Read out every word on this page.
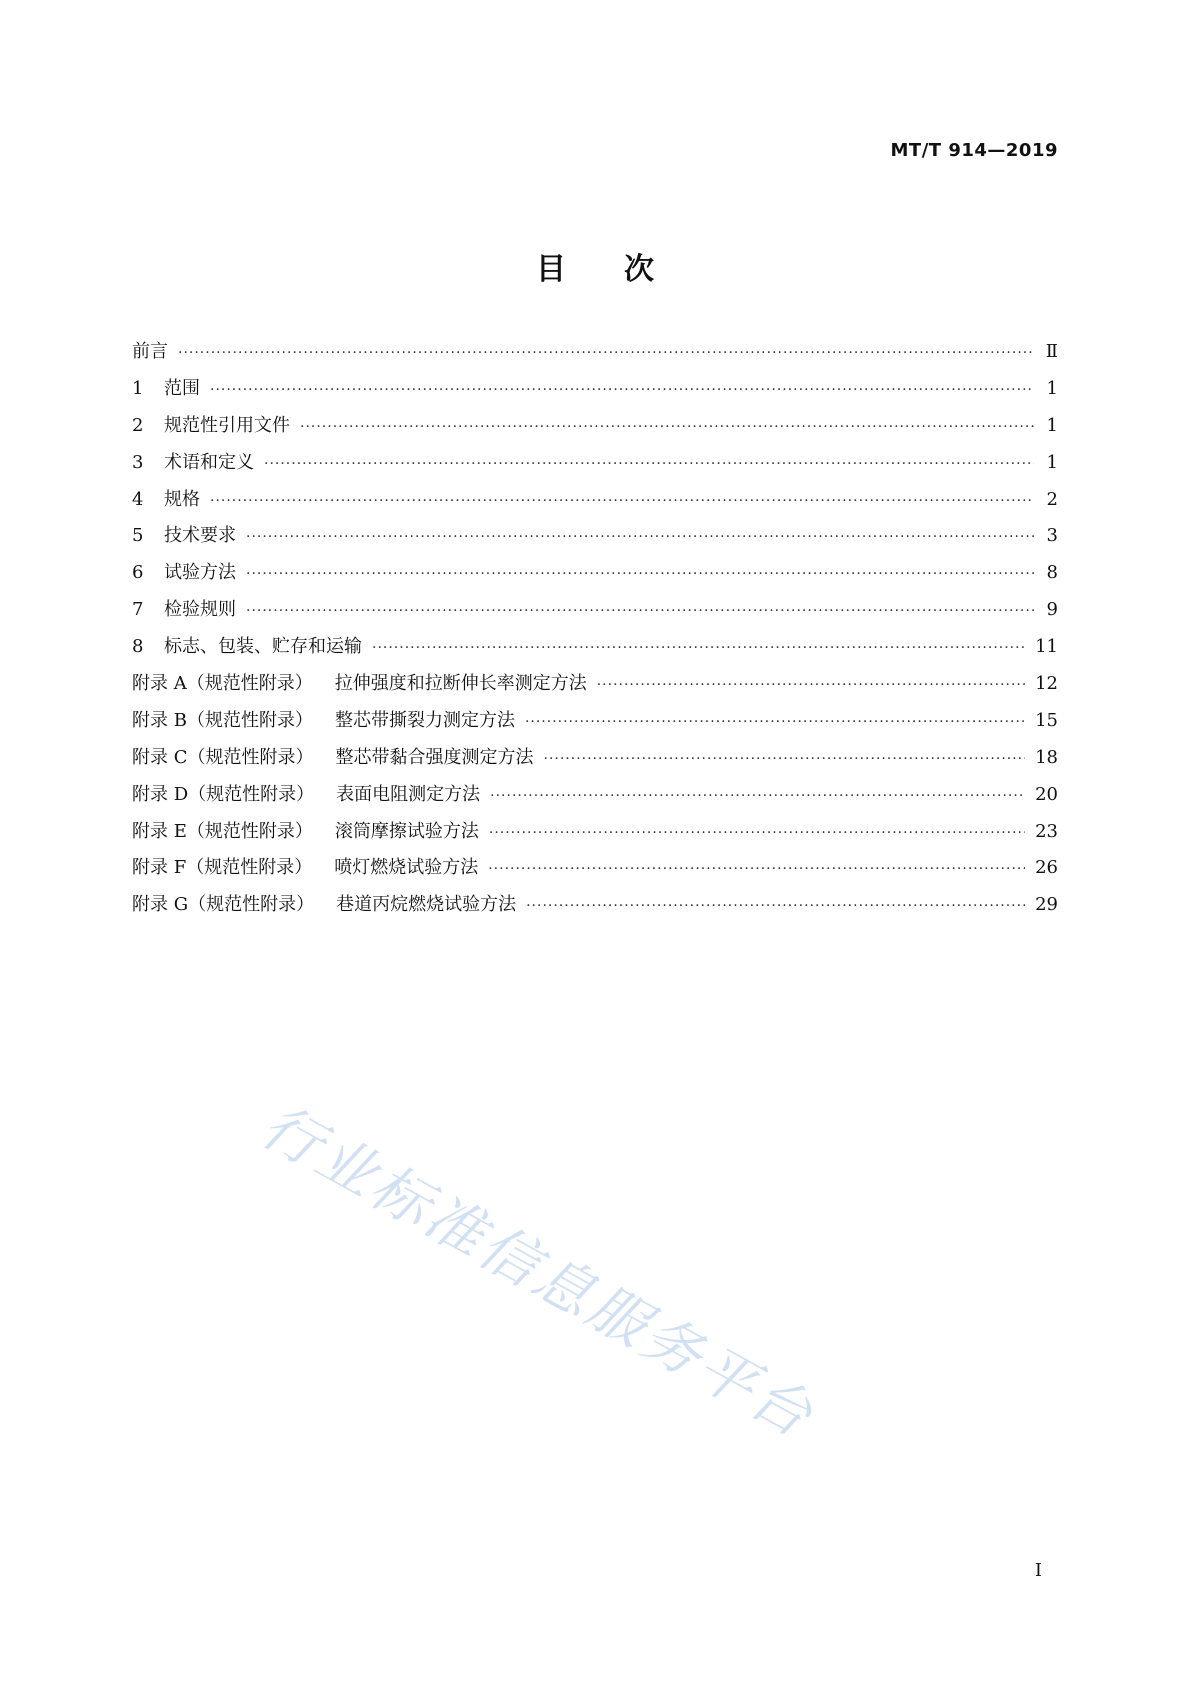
MT/T 914—2019
目次
前言 ·····	Ⅱ
1	范围 ·····	1
2	规范性引用文件 ·····	1
3	术语和定义 ·····	1
4	规格 ·····	2
5	技术要求 ·····	3
6	试验方法 ·····	8
7	检验规则 ·····	9
8	标志、包装、贮存和运输 ·····	11
附录 A（规范性附录） 拉伸强度和拉断伸长率测定方法 ·····	12
附录 B（规范性附录） 整芯带撕裂力测定方法 ·····	15
附录 C（规范性附录） 整芯带黏合强度测定方法 ·····	18
附录 D（规范性附录） 表面电阻测定方法 ·····	20
附录 E（规范性附录） 滚筒摩擦试验方法 ·····	23
附录 F（规范性附录） 喷灯燃烧试验方法 ·····	26
附录 G（规范性附录） 巷道丙烷燃烧试验方法 ·····	29
行业标准信息服务平台
I
